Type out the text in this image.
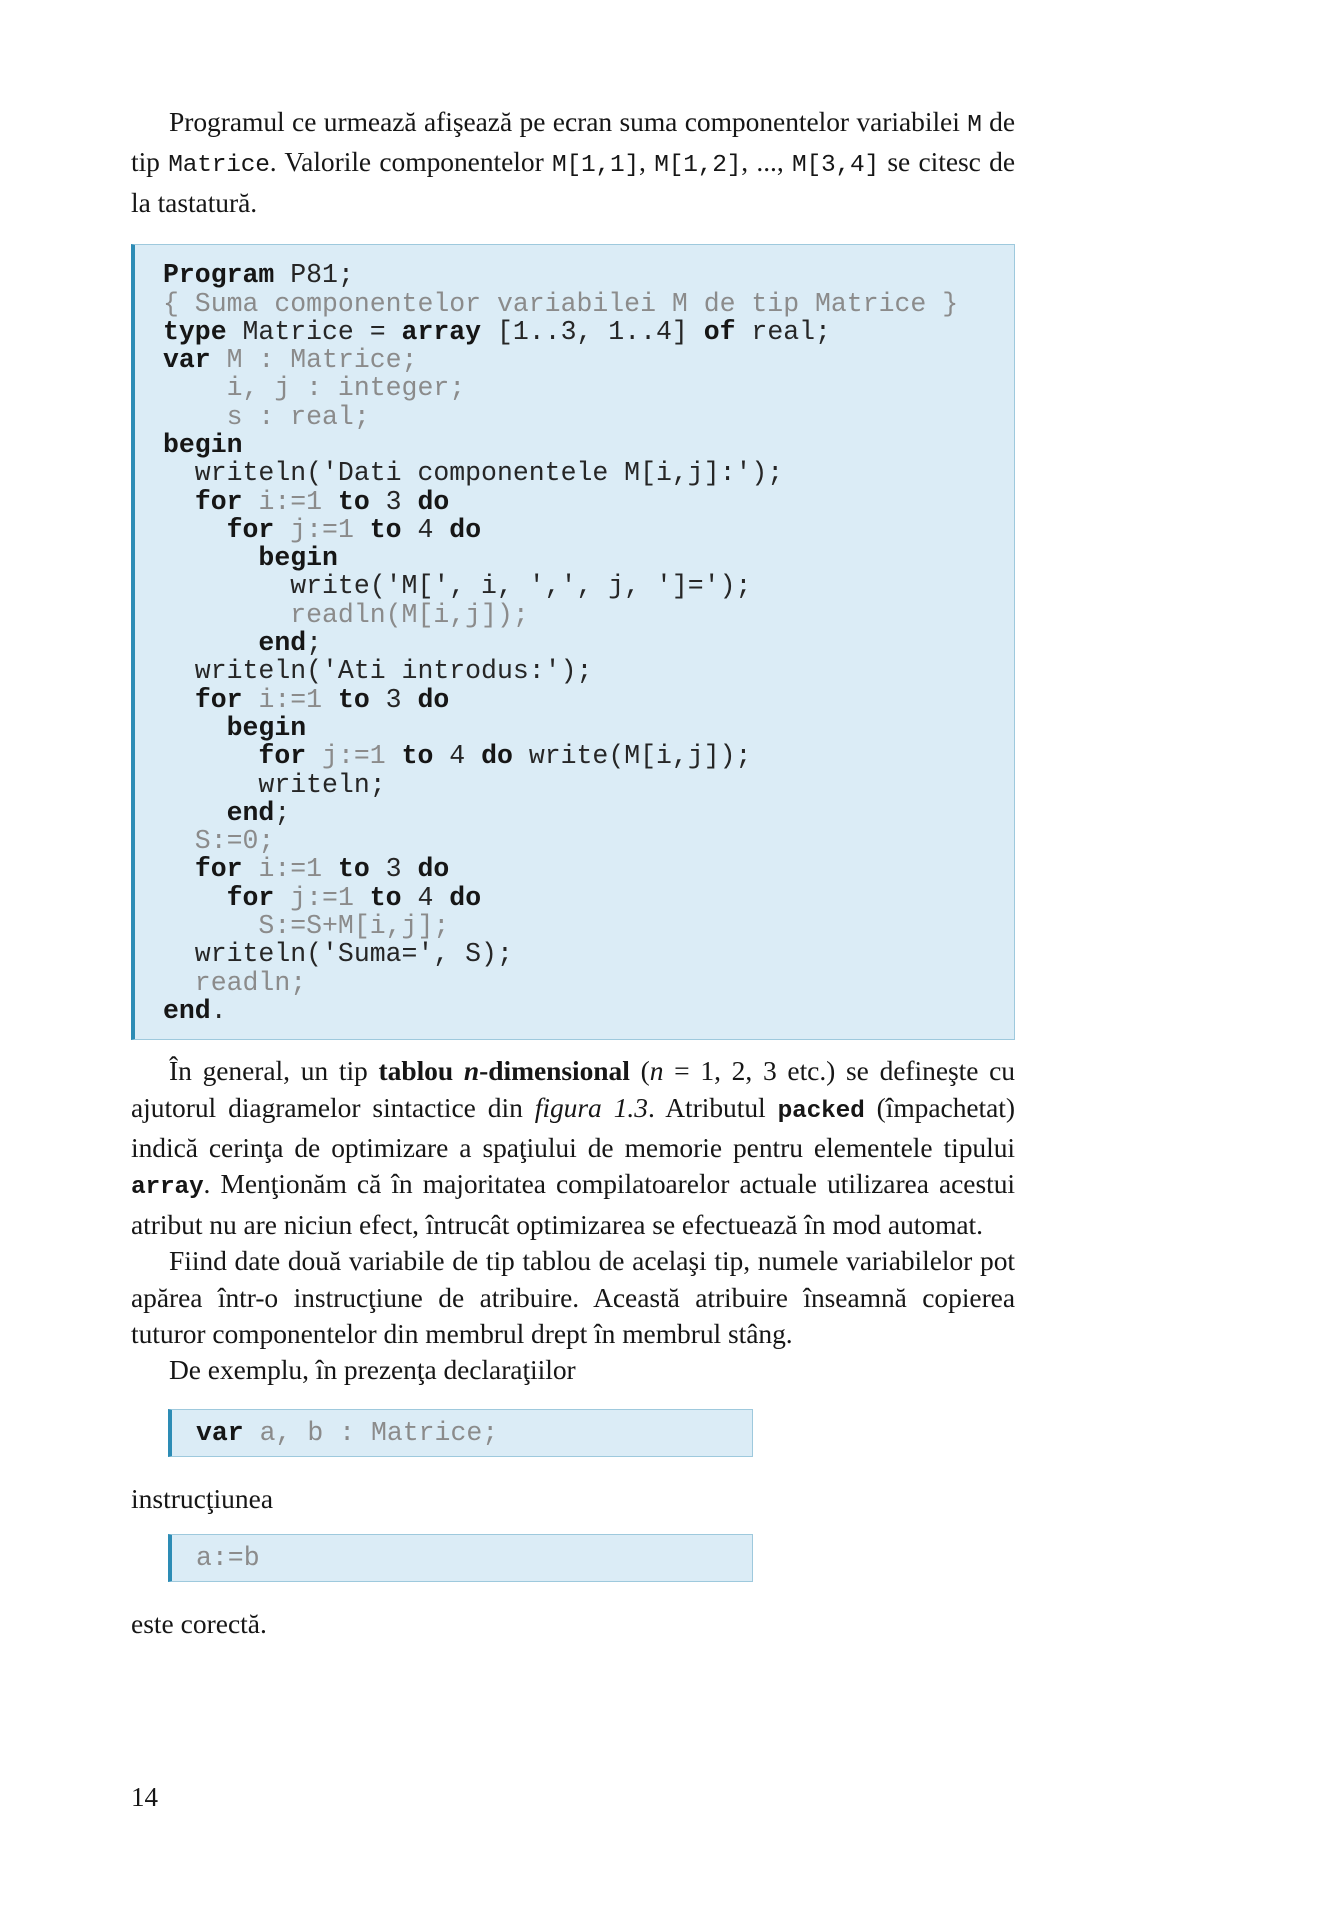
Programul ce urmează afişează pe ecran suma componentelor variabilei M de tip Matrice. Valorile componentelor M[1,1], M[1,2], ..., M[3,4] se citesc de la tastatură.

Program P81;
{ Suma componentelor variabilei M de tip Matrice }
type Matrice = array [1..3, 1..4] of real;
var M : Matrice;
i, j : integer;
s : real;
begin
writeln('Dati componentele M[i,j]:');
for i:=1 to 3 do
for j:=1 to 4 do
begin
write('M[', i, ',', j, ']=');
readln(M[i,j]);
end;
writeln('Ati introdus:');
for i:=1 to 3 do
begin
for j:=1 to 4 do write(M[i,j]);
writeln;
end;
S:=0;
for i:=1 to 3 do
for j:=1 to 4 do
S:=S+M[i,j];
writeln('Suma=', S);
readln;
end.

În general, un tip tablou n-dimensional (n = 1, 2, 3 etc.) se defineşte cu ajutorul diagramelor sintactice din figura 1.3. Atributul packed (împachetat) indică cerinţa de optimizare a spaţiului de memorie pentru elementele tipului array. Menţionăm că în majoritatea compilatoarelor actuale utilizarea acestui atribut nu are niciun efect, întrucât optimizarea se efectuează în mod automat.

Fiind date două variabile de tip tablou de acelaşi tip, numele variabilelor pot apărea într-o instrucţiune de atribuire. Această atribuire înseamnă copierea tuturor componentelor din membrul drept în membrul stâng.

De exemplu, în prezenţa declaraţiilor

var a, b : Matrice;

instrucţiunea

a:=b

este corectă.

14
